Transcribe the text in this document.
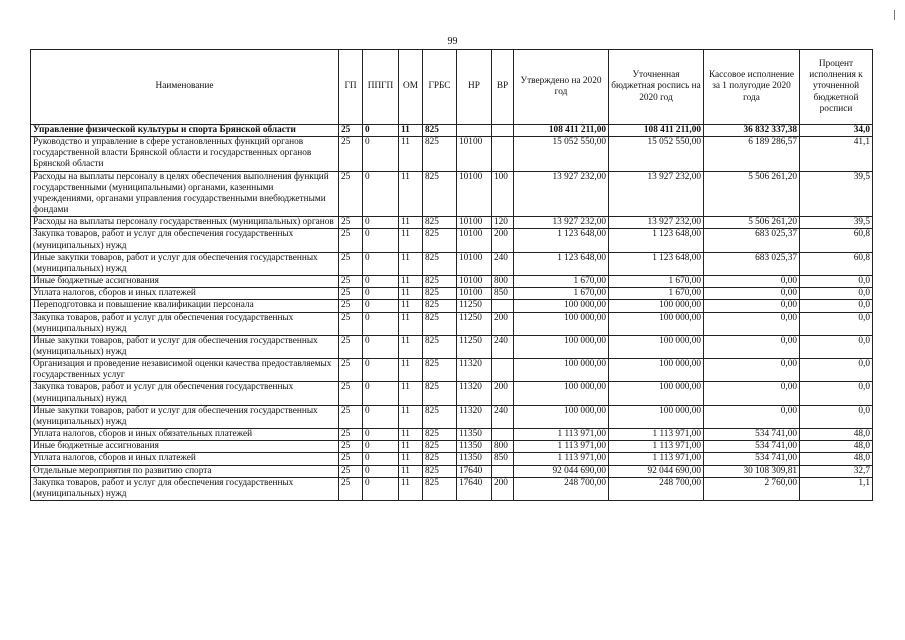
99
Наименование	ГП	ППГП	ОМ	ГРБС	НР	ВР	Утверждено на 2020 год	Уточненная бюджетная роспись на 2020 год	Кассовое исполнение за 1 полугодие 2020 года	Процент исполнения к уточненной бюджетной росписи
Управление физической культуры и спорта Брянской области	25	0	11	825			108 411 211,00	108 411 211,00	36 832 337,38	34,0
Руководство и управление в сфере установленных функций органов государственной власти Брянской области и государственных органов Брянской области	25	0	11	825	10100		15 052 550,00	15 052 550,00	6 189 286,57	41,1
Расходы на выплаты персоналу в целях обеспечения выполнения функций государственными (муниципальными) органами, казенными учреждениями, органами управления государственными внебюджетными фондами	25	0	11	825	10100	100	13 927 232,00	13 927 232,00	5 506 261,20	39,5
Расходы на выплаты персоналу государственных (муниципальных) органов	25	0	11	825	10100	120	13 927 232,00	13 927 232,00	5 506 261,20	39,5
Закупка товаров, работ и услуг для обеспечения государственных (муниципальных) нужд	25	0	11	825	10100	200	1 123 648,00	1 123 648,00	683 025,37	60,8
Иные закупки товаров, работ и услуг для обеспечения государственных (муниципальных) нужд	25	0	11	825	10100	240	1 123 648,00	1 123 648,00	683 025,37	60,8
Иные бюджетные ассигнования	25	0	11	825	10100	800	1 670,00	1 670,00	0,00	0,0
Уплата налогов, сборов и иных платежей	25	0	11	825	10100	850	1 670,00	1 670,00	0,00	0,0
Переподготовка и повышение квалификации персонала	25	0	11	825	11250		100 000,00	100 000,00	0,00	0,0
Закупка товаров, работ и услуг для обеспечения государственных (муниципальных) нужд	25	0	11	825	11250	200	100 000,00	100 000,00	0,00	0,0
Иные закупки товаров, работ и услуг для обеспечения государственных (муниципальных) нужд	25	0	11	825	11250	240	100 000,00	100 000,00	0,00	0,0
Организация и проведение независимой оценки качества предоставляемых государственных услуг	25	0	11	825	11320		100 000,00	100 000,00	0,00	0,0
Закупка товаров, работ и услуг для обеспечения государственных (муниципальных) нужд	25	0	11	825	11320	200	100 000,00	100 000,00	0,00	0,0
Иные закупки товаров, работ и услуг для обеспечения государственных (муниципальных) нужд	25	0	11	825	11320	240	100 000,00	100 000,00	0,00	0,0
Уплата налогов, сборов и иных обязательных платежей	25	0	11	825	11350		1 113 971,00	1 113 971,00	534 741,00	48,0
Иные бюджетные ассигнования	25	0	11	825	11350	800	1 113 971,00	1 113 971,00	534 741,00	48,0
Уплата налогов, сборов и иных платежей	25	0	11	825	11350	850	1 113 971,00	1 113 971,00	534 741,00	48,0
Отдельные мероприятия по развитию спорта	25	0	11	825	17640		92 044 690,00	92 044 690,00	30 108 309,81	32,7
Закупка товаров, работ и услуг для обеспечения государственных (муниципальных) нужд	25	0	11	825	17640	200	248 700,00	248 700,00	2 760,00	1,1
